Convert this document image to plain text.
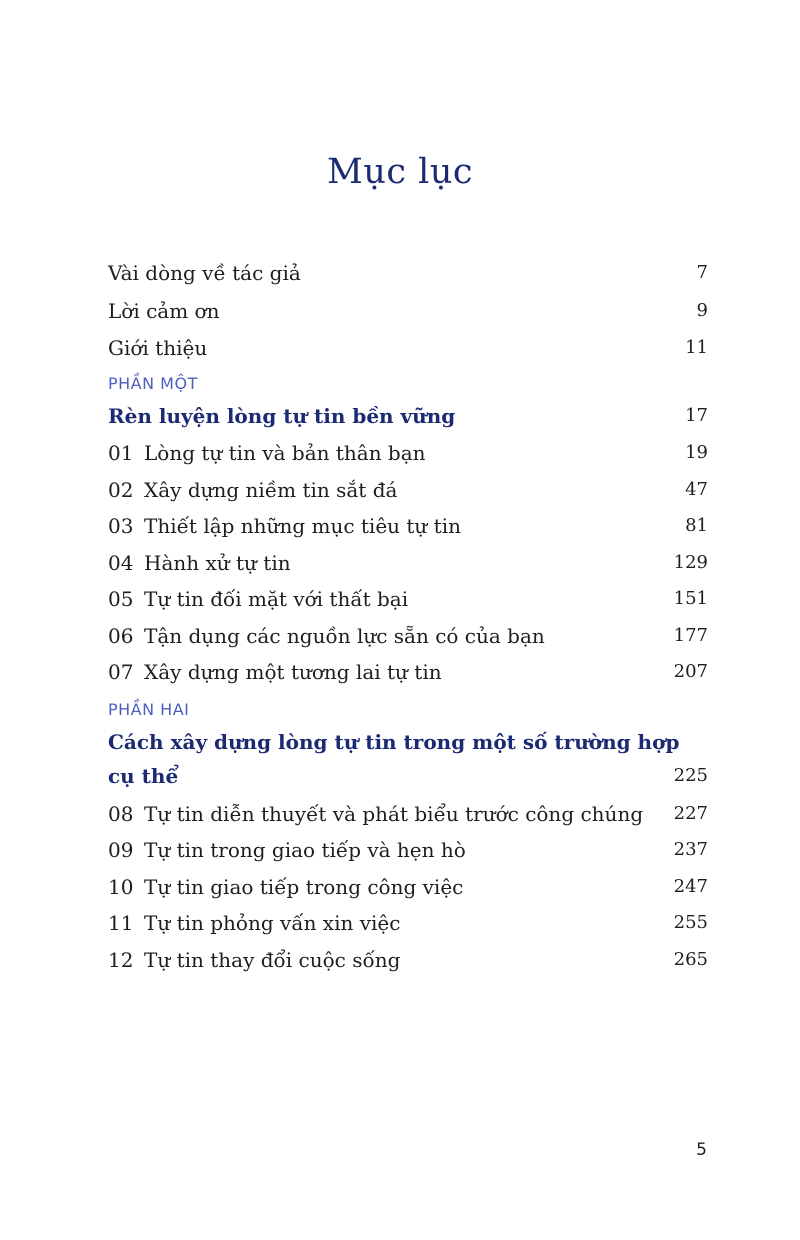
Mục lục
Vài dòng về tác giả	7
Lời cảm ơn	9
Giới thiệu	11
PHẦN MỘT
Rèn luyện lòng tự tin bền vững	17
01 Lòng tự tin và bản thân bạn	19
02 Xây dựng niềm tin sắt đá	47
03 Thiết lập những mục tiêu tự tin	81
04 Hành xử tự tin	129
05 Tự tin đối mặt với thất bại	151
06 Tận dụng các nguồn lực sẵn có của bạn	177
07 Xây dựng một tương lai tự tin	207
PHẦN HAI
Cách xây dựng lòng tự tin trong một số trường hợp
cụ thể	225
08 Tự tin diễn thuyết và phát biểu trước công chúng 227
09 Tự tin trong giao tiếp và hẹn hò	237
10 Tự tin giao tiếp trong công việc	247
11 Tự tin phỏng vấn xin việc	255
12 Tự tin thay đổi cuộc sống	265
5
